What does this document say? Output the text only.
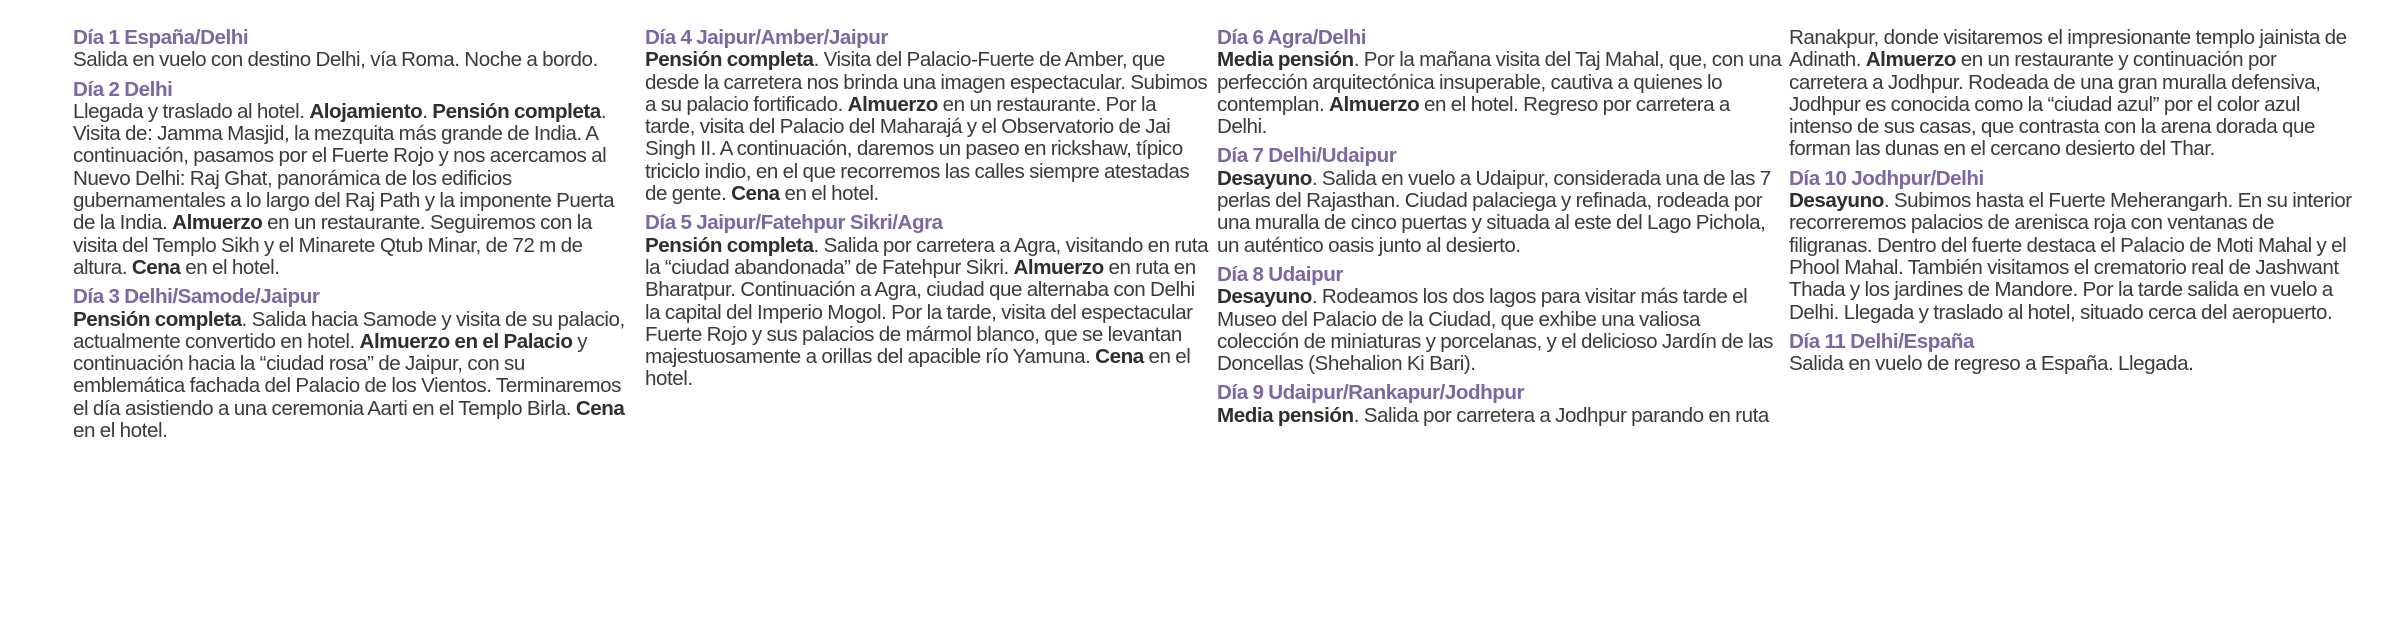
Día 1 España/Delhi

Salida en vuelo con destino Delhi, vía Roma. Noche a bordo.

Día 2 Delhi

Llegada y traslado al hotel. Alojamiento. Pensión completa. Visita de: Jamma Masjid, la mezquita más grande de India. A continuación, pasamos por el Fuerte Rojo y nos acercamos al Nuevo Delhi: Raj Ghat, panorámica de los edificios gubernamentales a lo largo del Raj Path y la imponente Puerta de la India. Almuerzo en un restaurante. Seguiremos con la visita del Templo Sikh y el Minarete Qtub Minar, de 72 m de altura. Cena en el hotel.

Día 3 Delhi/Samode/Jaipur

Pensión completa. Salida hacia Samode y visita de su palacio, actualmente convertido en hotel. Almuerzo en el Palacio y continuación hacia la “ciudad rosa” de Jaipur, con su emblemática fachada del Palacio de los Vientos. Terminaremos el día asistiendo a una ceremonia Aarti en el Templo Birla. Cena en el hotel.

Día 4 Jaipur/Amber/Jaipur

Pensión completa. Visita del Palacio-Fuerte de Amber, que desde la carretera nos brinda una imagen espectacular. Subimos a su palacio fortificado. Almuerzo en un restaurante. Por la tarde, visita del Palacio del Maharajá y el Observatorio de Jai Singh II. A continuación, daremos un paseo en rickshaw, típico triciclo indio, en el que recorremos las calles siempre atestadas de gente. Cena en el hotel.

Día 5 Jaipur/Fatehpur Sikri/Agra

Pensión completa. Salida por carretera a Agra, visitando en ruta la “ciudad abandonada” de Fatehpur Sikri. Almuerzo en ruta en Bharatpur. Continuación a Agra, ciudad que alternaba con Delhi la capital del Imperio Mogol. Por la tarde, visita del espectacular Fuerte Rojo y sus palacios de mármol blanco, que se levantan majestuosamente a orillas del apacible río Yamuna. Cena en el hotel.

Día 6 Agra/Delhi

Media pensión. Por la mañana visita del Taj Mahal, que, con una perfección arquitectónica insuperable, cautiva a quienes lo contemplan. Almuerzo en el hotel. Regreso por carretera a Delhi.

Día 7 Delhi/Udaipur

Desayuno. Salida en vuelo a Udaipur, considerada una de las 7 perlas del Rajasthan. Ciudad palaciega y refinada, rodeada por una muralla de cinco puertas y situada al este del Lago Pichola, un auténtico oasis junto al desierto.

Día 8 Udaipur

Desayuno. Rodeamos los dos lagos para visitar más tarde el Museo del Palacio de la Ciudad, que exhibe una valiosa colección de miniaturas y porcelanas, y el delicioso Jardín de las Doncellas (Shehalion Ki Bari).

Día 9 Udaipur/Rankapur/Jodhpur

Media pensión. Salida por carretera a Jodhpur parando en ruta

Ranakpur, donde visitaremos el impresionante templo jainista de Adinath. Almuerzo en un restaurante y continuación por carretera a Jodhpur. Rodeada de una gran muralla defensiva, Jodhpur es conocida como la “ciudad azul” por el color azul intenso de sus casas, que contrasta con la arena dorada que forman las dunas en el cercano desierto del Thar.

Día 10 Jodhpur/Delhi

Desayuno. Subimos hasta el Fuerte Meherangarh. En su interior recorreremos palacios de arenisca roja con ventanas de filigranas. Dentro del fuerte destaca el Palacio de Moti Mahal y el Phool Mahal. También visitamos el crematorio real de Jashwant Thada y los jardines de Mandore. Por la tarde salida en vuelo a Delhi. Llegada y traslado al hotel, situado cerca del aeropuerto.

Día 11 Delhi/España

Salida en vuelo de regreso a España. Llegada.
